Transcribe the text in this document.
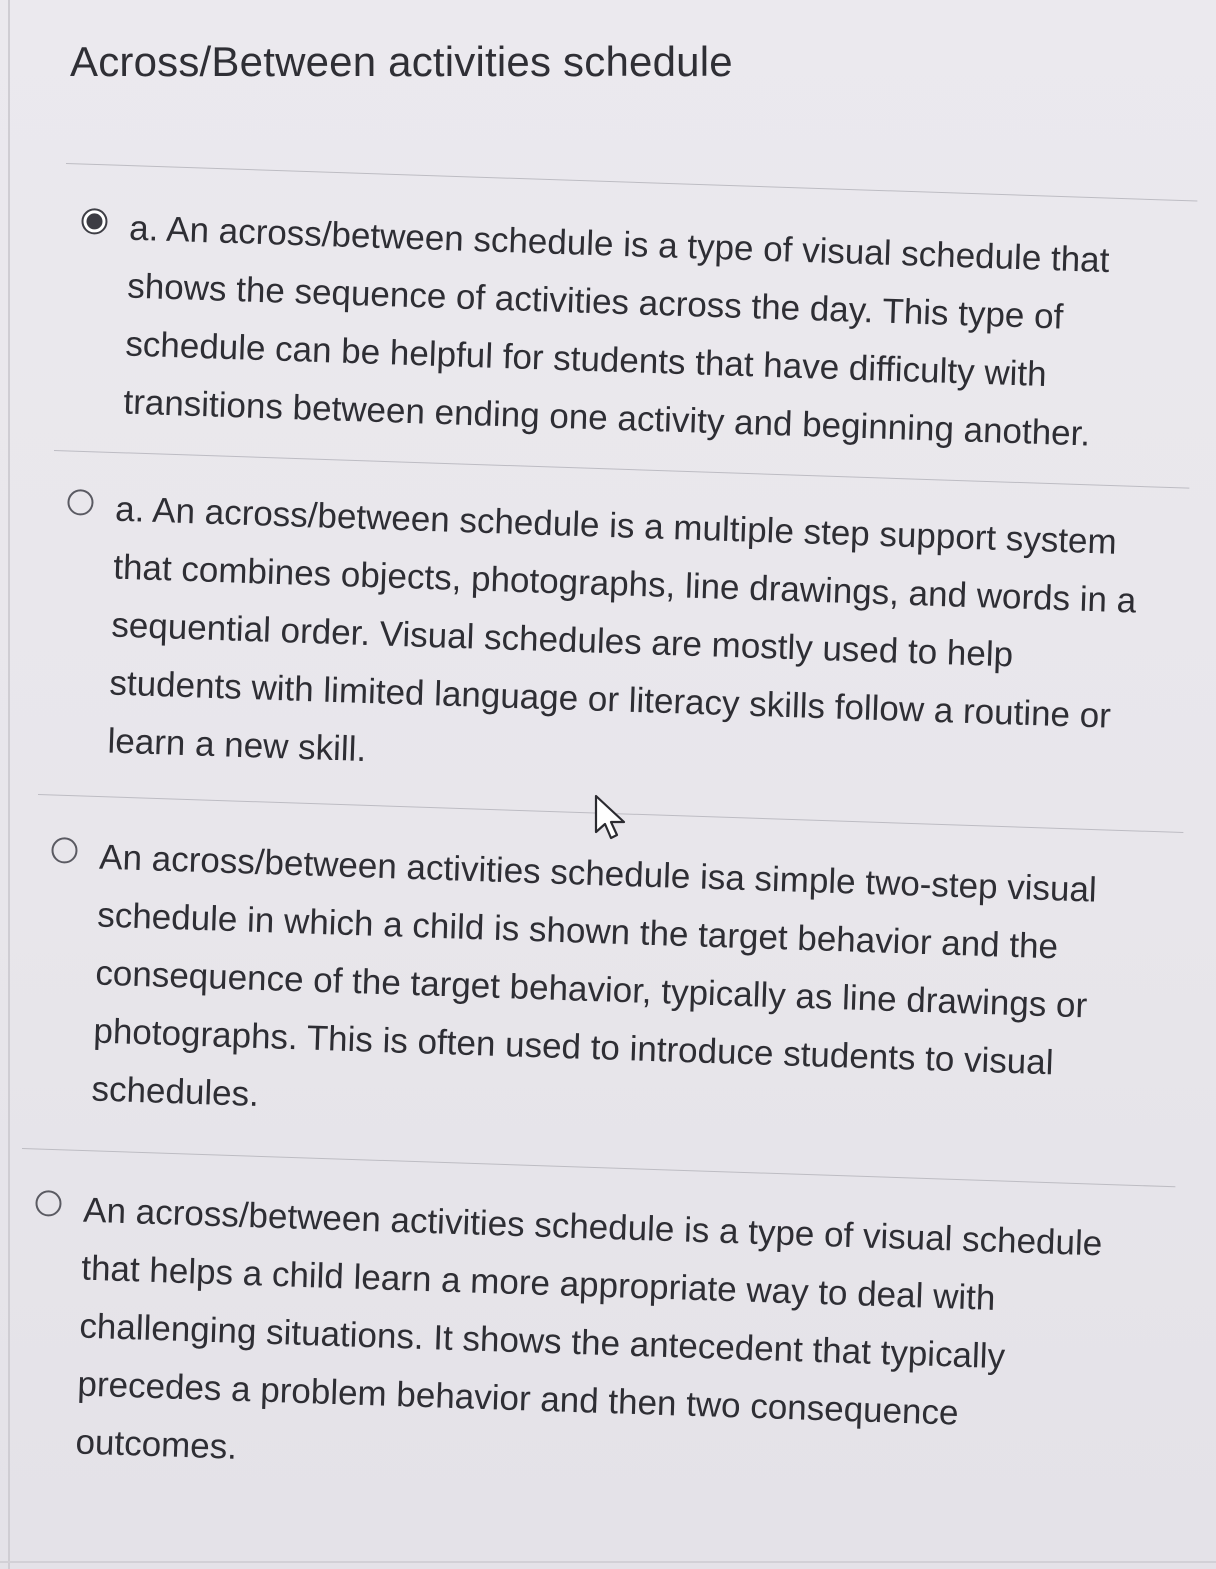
Across/Between activities schedule
a. An across/between schedule is a type of visual schedule that shows the sequence of activities across the day. This type of schedule can be helpful for students that have difficulty with transitions between ending one activity and beginning another.
a. An across/between schedule is a multiple step support system that combines objects, photographs, line drawings, and words in a sequential order. Visual schedules are mostly used to help students with limited language or literacy skills follow a routine or learn a new skill.
An across/between activities schedule isa simple two-step visual schedule in which a child is shown the target behavior and the consequence of the target behavior, typically as line drawings or photographs. This is often used to introduce students to visual schedules.
An across/between activities schedule is a type of visual schedule that helps a child learn a more appropriate way to deal with challenging situations. It shows the antecedent that typically precedes a problem behavior and then two consequence outcomes.
